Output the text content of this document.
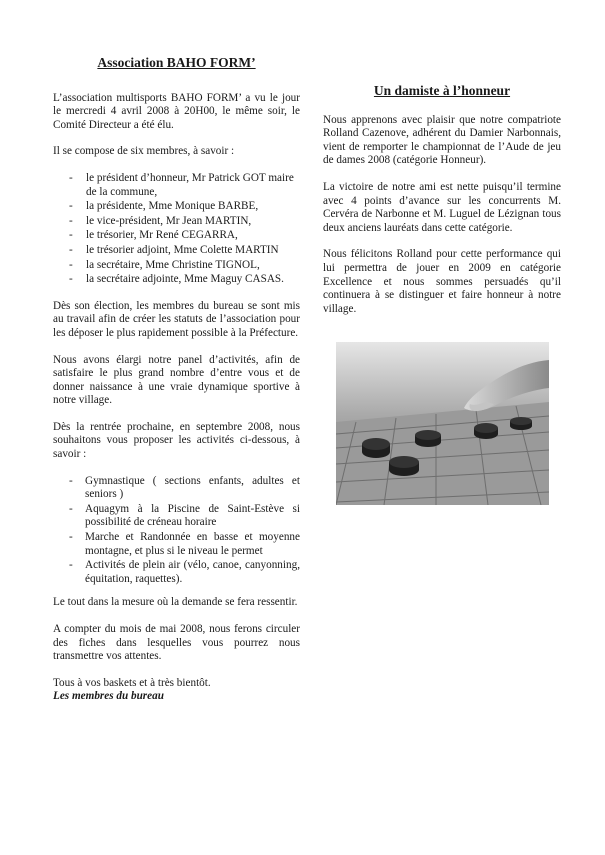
Association BAHO FORM’

L’association multisports BAHO FORM’ a vu le jour le mercredi 4 avril 2008 à 20H00, le même soir, le Comité Directeur a été élu.

Il se compose de six membres, à savoir :

- le président d’honneur, Mr Patrick GOT maire de la commune,
- la présidente, Mme Monique BARBE,
- le vice-président, Mr Jean MARTIN,
- le trésorier, Mr René CEGARRA,
- le trésorier adjoint, Mme Colette MARTIN
- la secrétaire, Mme Christine TIGNOL,
- la secrétaire adjointe, Mme Maguy CASAS.

Dès son élection, les membres du bureau se sont mis au travail afin de créer les statuts de l’association pour les déposer le plus rapidement possible à la Préfecture.

Nous avons élargi notre panel d’activités, afin de satisfaire le plus grand nombre d’entre vous et de donner naissance à une vraie dynamique sportive à notre village.

Dès la rentrée prochaine, en septembre 2008, nous souhaitons vous proposer les activités ci-dessous, à savoir :

- Gymnastique ( sections enfants, adultes et seniors )
- Aquagym à la Piscine de Saint-Estève si possibilité de créneau horaire
- Marche et Randonnée en basse et moyenne montagne, et plus si le niveau le permet
- Activités de plein air (vélo, canoe, canyonning, équitation, raquettes).

Le tout dans la mesure où la demande se fera ressentir.

A compter du mois de mai 2008, nous ferons circuler des fiches dans lesquelles vous pourrez nous transmettre vos attentes.

Tous à vos baskets et à très bientôt.
Les membres du bureau
Un damiste à l’honneur

Nous apprenons avec plaisir que notre compatriote Rolland Cazenove, adhérent du Damier Narbonnais, vient de remporter le championnat de l’Aude de jeu de dames 2008 (catégorie Honneur).

La victoire de notre ami est nette puisqu’il termine avec 4 points d’avance sur les concurrents M. Cervéra de Narbonne et M. Luguel de Lézignan tous deux anciens lauréats dans cette catégorie.

Nous félicitons Rolland pour cette performance qui lui permettra de jouer en 2009 en catégorie Excellence et nous sommes persuadés qu’il continuera à se distinguer et faire honneur à notre village.
